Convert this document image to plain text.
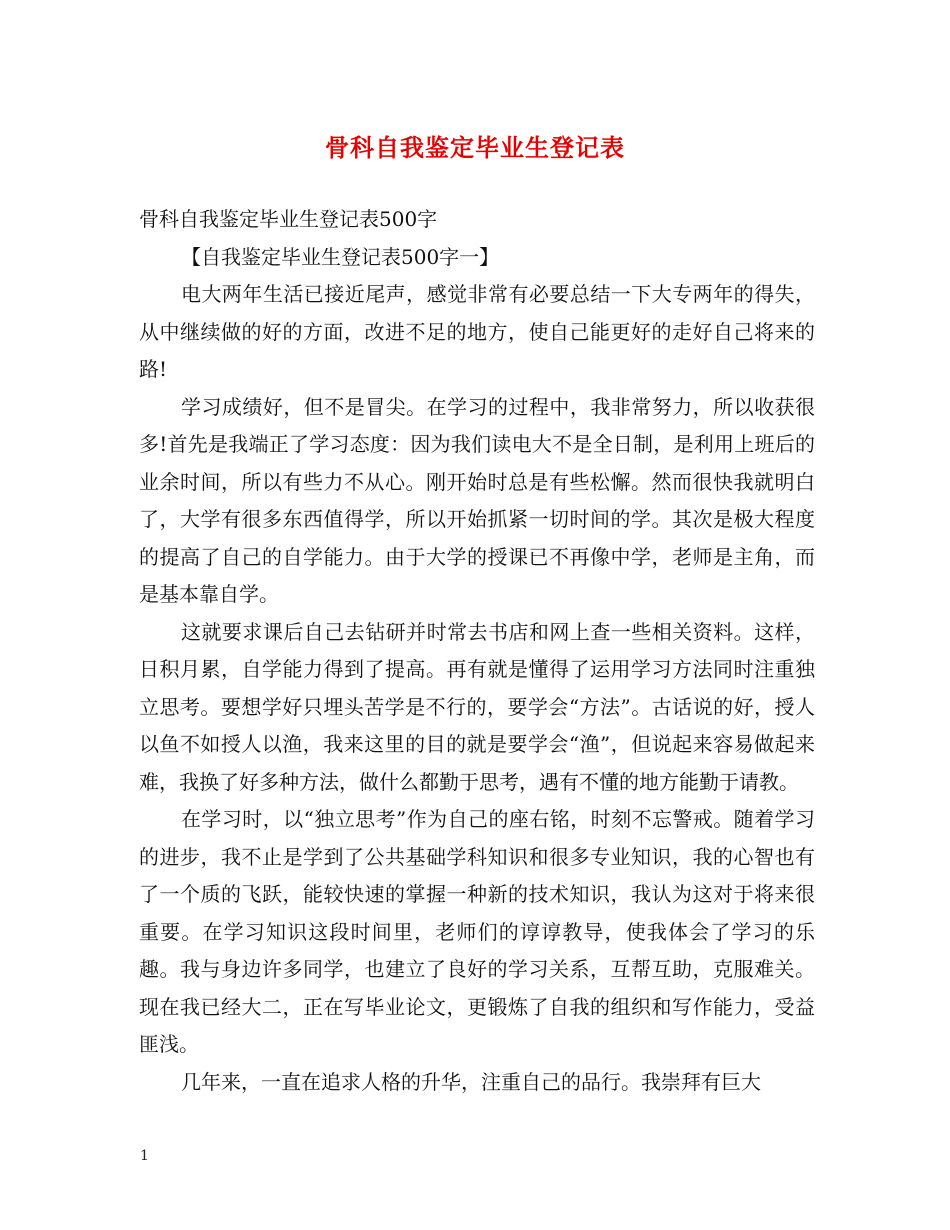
骨科自我鉴定毕业生登记表

骨科自我鉴定毕业生登记表500字

【自我鉴定毕业生登记表500字一】

电大两年生活已接近尾声，感觉非常有必要总结一下大专两年的得失，从中继续做的好的方面，改进不足的地方，使自己能更好的走好自己将来的路!

学习成绩好，但不是冒尖。在学习的过程中，我非常努力，所以收获很多!首先是我端正了学习态度：因为我们读电大不是全日制，是利用上班后的业余时间，所以有些力不从心。刚开始时总是有些松懈。然而很快我就明白了，大学有很多东西值得学，所以开始抓紧一切时间的学。其次是极大程度的提高了自己的自学能力。由于大学的授课已不再像中学，老师是主角，而是基本靠自学。

这就要求课后自己去钻研并时常去书店和网上查一些相关资料。这样，日积月累，自学能力得到了提高。再有就是懂得了运用学习方法同时注重独立思考。要想学好只埋头苦学是不行的，要学会“方法”。古话说的好，授人以鱼不如授人以渔，我来这里的目的就是要学会“渔”，但说起来容易做起来难，我换了好多种方法，做什么都勤于思考，遇有不懂的地方能勤于请教。

在学习时，以“独立思考”作为自己的座右铭，时刻不忘警戒。随着学习的进步，我不止是学到了公共基础学科知识和很多专业知识，我的心智也有了一个质的飞跃，能较快速的掌握一种新的技术知识，我认为这对于将来很重要。在学习知识这段时间里，老师们的谆谆教导，使我体会了学习的乐趣。我与身边许多同学，也建立了良好的学习关系，互帮互助，克服难关。现在我已经大二，正在写毕业论文，更锻炼了自我的组织和写作能力，受益匪浅。

几年来，一直在追求人格的升华，注重自己的品行。我崇拜有巨大

1
